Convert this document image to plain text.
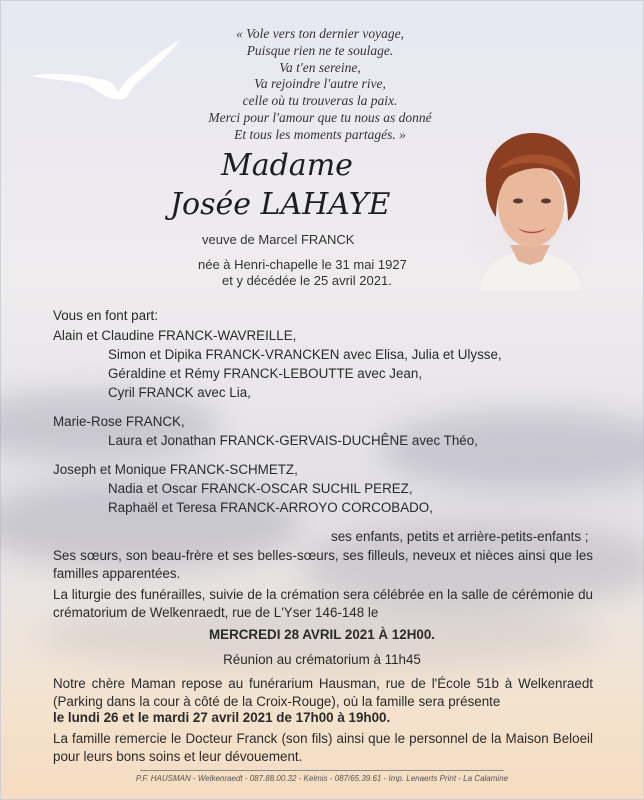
« Vole vers ton dernier voyage,
Puisque rien ne te soulage.
Va t'en sereine,
Va rejoindre l'autre rive,
celle où tu trouveras la paix.
Merci pour l'amour que tu nous as donné
Et tous les moments partagés. »
Madame
Josée LAHAYE
veuve de Marcel FRANCK
née à Henri-chapelle le 31 mai 1927
et y décédée le 25 avril 2021.
Vous en font part:
Alain et Claudine FRANCK-WAVREILLE,
Simon et Dipika FRANCK-VRANCKEN avec Elisa, Julia et Ulysse,
Géraldine et Rémy FRANCK-LEBOUTTE avec Jean,
Cyril FRANCK avec Lia,
Marie-Rose FRANCK,
Laura et Jonathan FRANCK-GERVAIS-DUCHÊNE avec Théo,
Joseph et Monique FRANCK-SCHMETZ,
Nadia et Oscar FRANCK-OSCAR SUCHIL PEREZ,
Raphaël et Teresa FRANCK-ARROYO CORCOBADO,
ses enfants, petits et arrière-petits-enfants ;
Ses sœurs, son beau-frère et ses belles-sœurs, ses filleuls, neveux et nièces ainsi que les familles apparentées.
La liturgie des funérailles, suivie de la crémation sera célébrée en la salle de cérémonie du crématorium de Welkenraedt, rue de L'Yser 146-148 le
MERCREDI 28 AVRIL 2021 À 12H00.
Réunion au crématorium à 11h45
Notre chère Maman repose au funérarium Hausman, rue de l'École 51b à Welkenraedt (Parking dans la cour à côté de la Croix-Rouge), où la famille sera présente
le lundi 26 et le mardi 27 avril 2021 de 17h00 à 19h00.
La famille remercie le Docteur Franck (son fils) ainsi que le personnel de la Maison Beloeil pour leurs bons soins et leur dévouement.
P.F. HAUSMAN - Welkenraedt - 087.88.00.32 - Kelmis - 087/65.39.61 - Imp. Lenaerts Print - La Calamine
